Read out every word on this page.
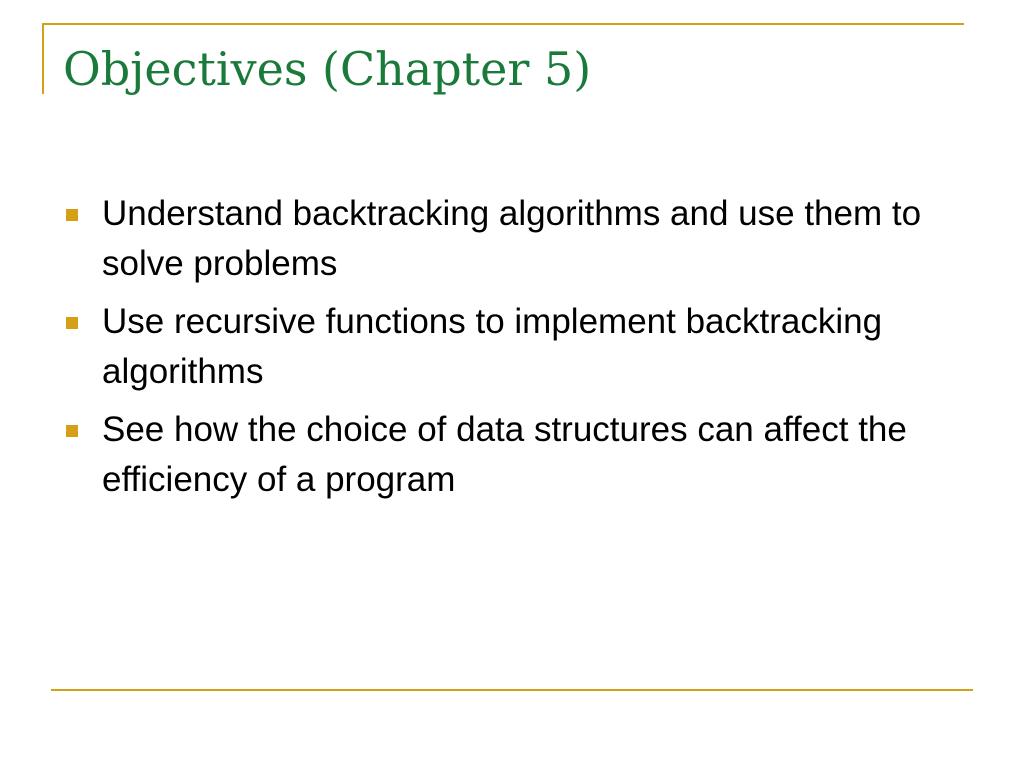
Objectives (Chapter 5)
Understand backtracking algorithms and use them to solve problems
Use recursive functions to implement backtracking algorithms
See how the choice of data structures can affect the efficiency of a program
